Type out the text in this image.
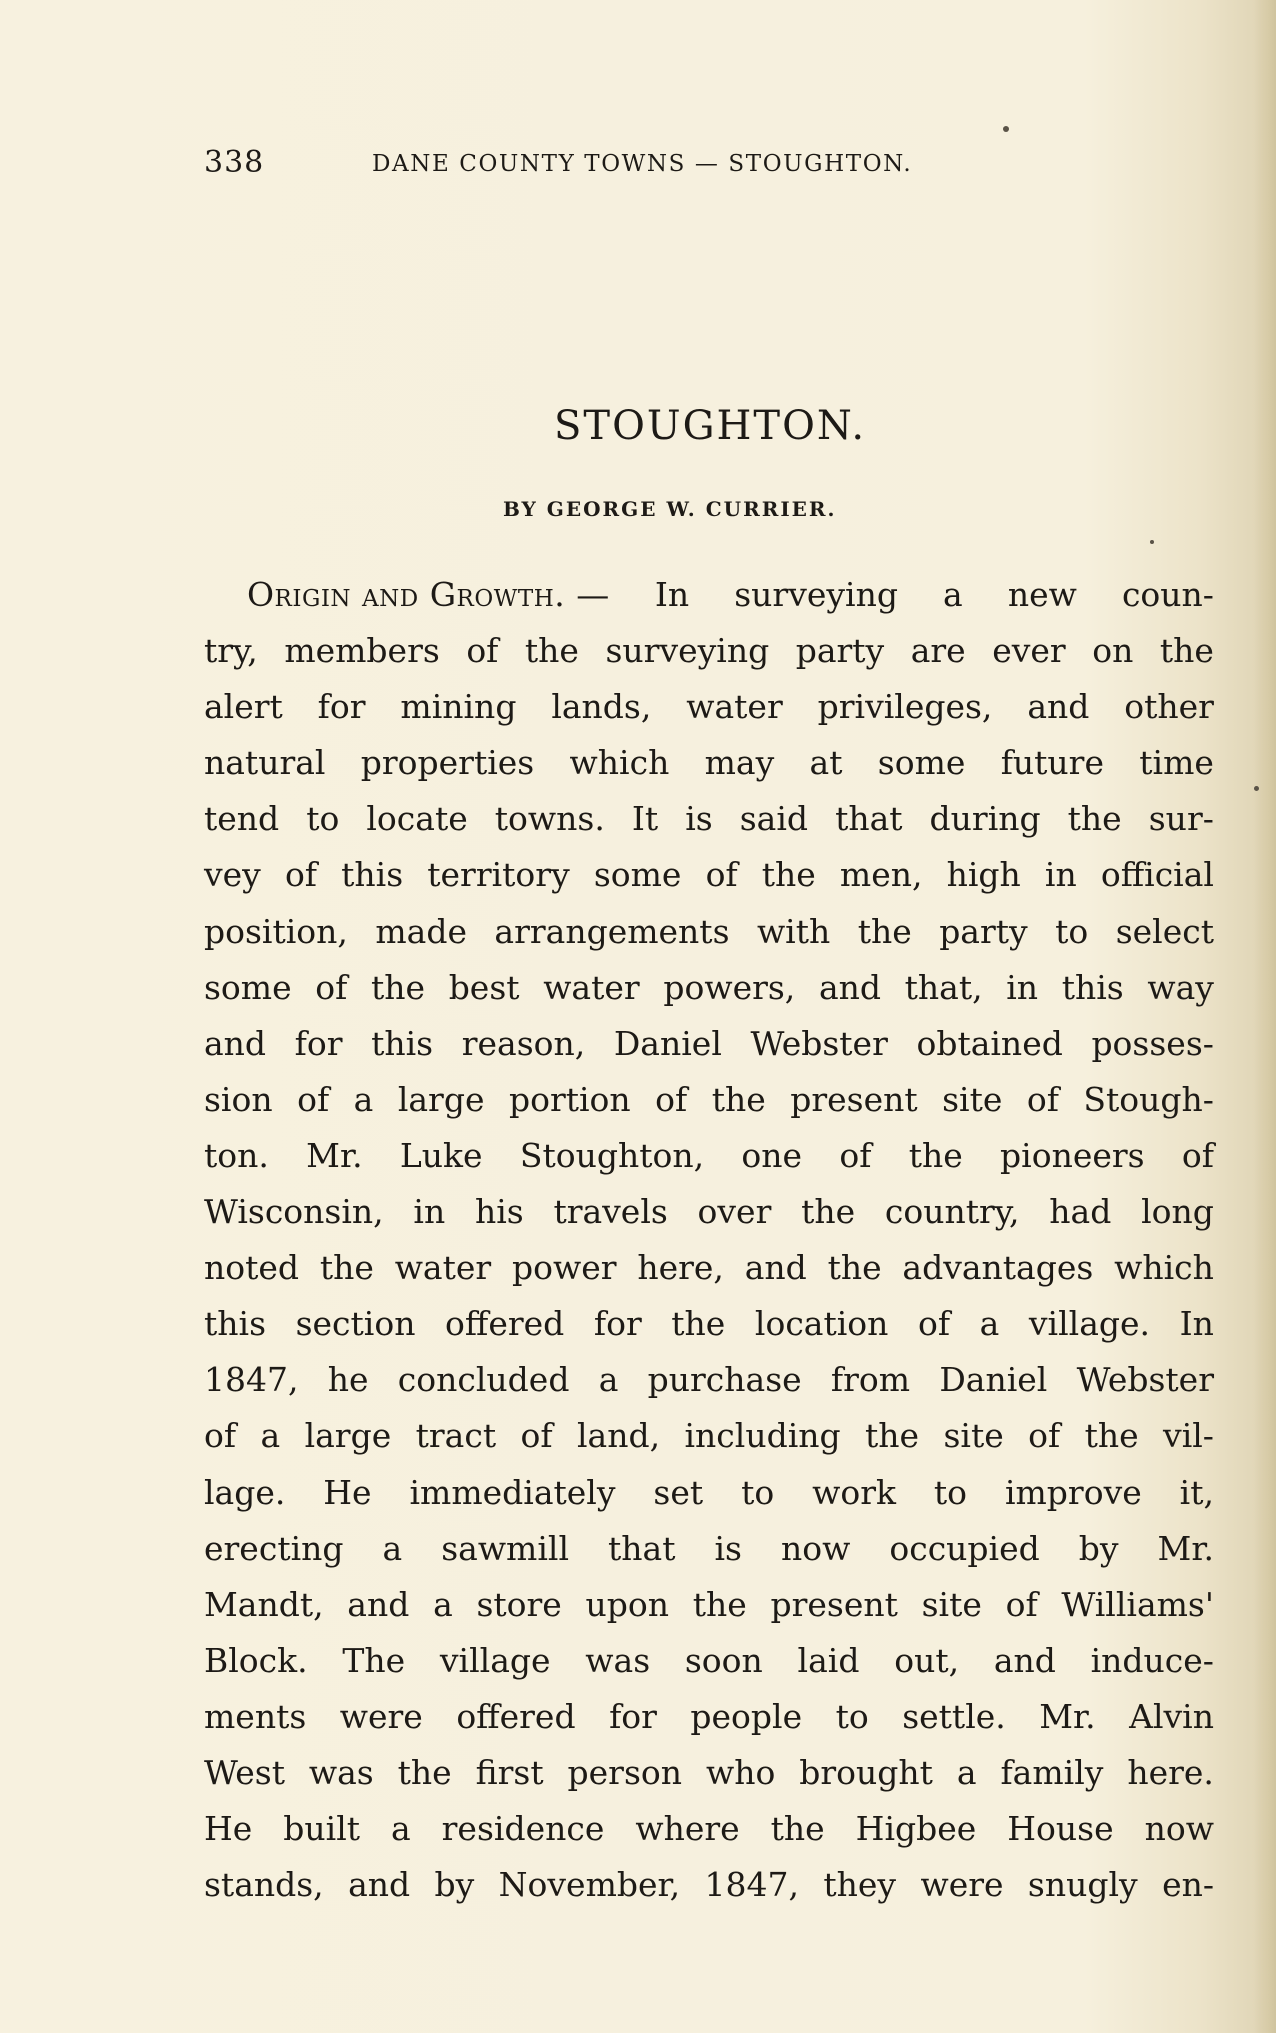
338	DANE COUNTY TOWNS — STOUGHTON.
STOUGHTON.
BY GEORGE W. CURRIER.
Origin and Growth. — In surveying a new coun-
try, members of the surveying party are ever on the
alert for mining lands, water privileges, and other
natural properties which may at some future time
tend to locate towns. It is said that during the sur-
vey of this territory some of the men, high in official
position, made arrangements with the party to select
some of the best water powers, and that, in this way
and for this reason, Daniel Webster obtained posses-
sion of a large portion of the present site of Stough-
ton. Mr. Luke Stoughton, one of the pioneers of
Wisconsin, in his travels over the country, had long
noted the water power here, and the advantages which
this section offered for the location of a village. In
1847, he concluded a purchase from Daniel Webster
of a large tract of land, including the site of the vil-
lage. He immediately set to work to improve it,
erecting a sawmill that is now occupied by Mr.
Mandt, and a store upon the present site of Williams'
Block. The village was soon laid out, and induce-
ments were offered for people to settle. Mr. Alvin
West was the first person who brought a family here.
He built a residence where the Higbee House now
stands, and by November, 1847, they were snugly en-
